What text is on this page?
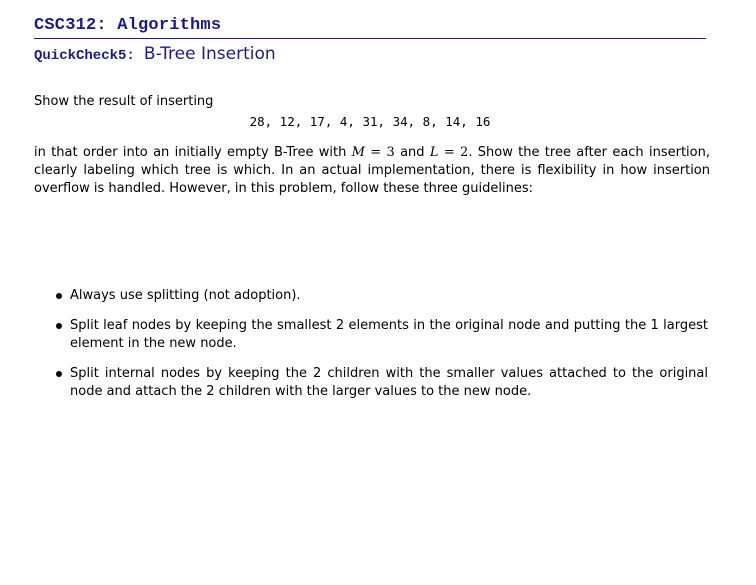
CSC312: Algorithms
QuickCheck5: B-Tree Insertion
Show the result of inserting
28, 12, 17, 4, 31, 34, 8, 14, 16
in that order into an initially empty B-Tree with M = 3 and L = 2. Show the tree after each insertion, clearly labeling which tree is which. In an actual implementation, there is flexibility in how insertion overflow is handled. However, in this problem, follow these three guidelines:
Always use splitting (not adoption).
Split leaf nodes by keeping the smallest 2 elements in the original node and putting the 1 largest element in the new node.
Split internal nodes by keeping the 2 children with the smaller values attached to the original node and attach the 2 children with the larger values to the new node.
